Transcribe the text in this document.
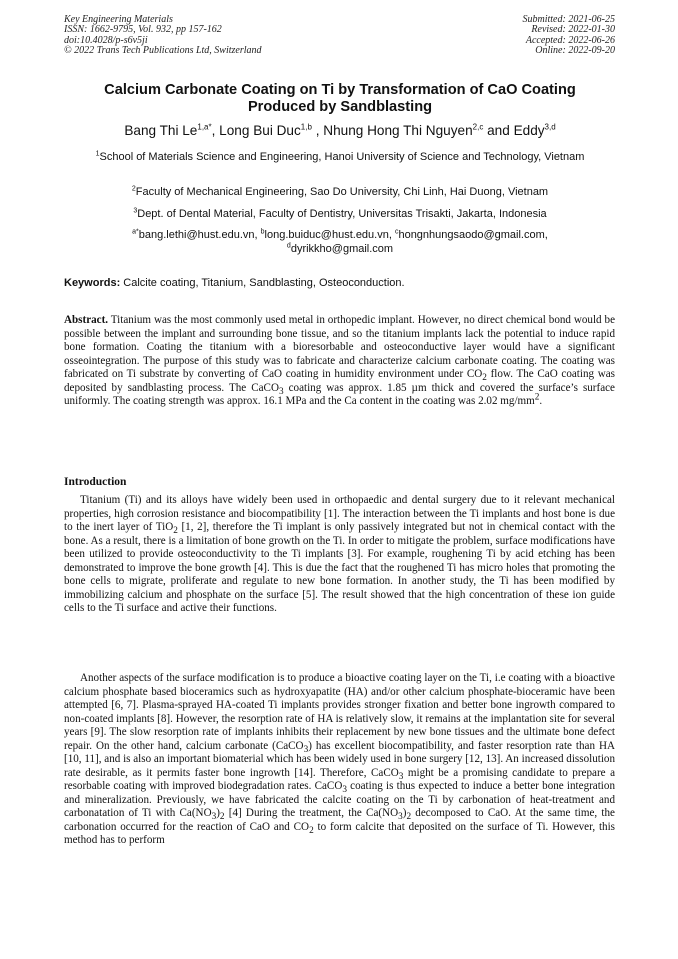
Key Engineering Materials
ISSN: 1662-9795, Vol. 932, pp 157-162
doi:10.4028/p-s6v5ji
© 2022 Trans Tech Publications Ltd, Switzerland
Submitted: 2021-06-25
Revised: 2022-01-30
Accepted: 2022-06-26
Online: 2022-09-20
Calcium Carbonate Coating on Ti by Transformation of CaO Coating
Produced by Sandblasting
Bang Thi $Le^{1,a*}$, Long Bui Duc$^{1,b}$ , Nhung Hong Thi Nguyen$^{2,c}$ and Eddy$^{3,d}$
$^1$School of Materials Science and Engineering, Hanoi University of Science and Technology, Vietnam
$^2$Faculty of Mechanical Engineering, Sao Do University, Chi Linh, Hai Duong, Vietnam
$^3$Dept. of Dental Material, Faculty of Dentistry, Universitas Trisakti, Jakarta, Indonesia
$^{a*}$bang.lethi@hust.edu.vn, $^b$long.buiduc@hust.edu.vn, $^c$hongnhungsaodo@gmail.com,
$^d$dyrikkho@gmail.com
Keywords: Calcite coating, Titanium, Sandblasting, Osteoconduction.
Abstract. Titanium was the most commonly used metal in orthopedic implant. However, no direct chemical bond would be possible between the implant and surrounding bone tissue, and so the titanium implants lack the potential to induce rapid bone formation. Coating the titanium with a bioresorbable and osteoconductive layer would have a significant osseointegration. The purpose of this study was to fabricate and characterize calcium carbonate coating. The coating was fabricated on Ti substrate by converting of CaO coating in humidity environment under $CO_2$ flow. The CaO coating was deposited by sandblasting process. The CaCO$_3$ coating was approx. 1.85 µm thick and covered the surface’s surface uniformly. The coating strength was approx. 16.1 MPa and the Ca content in the coating was 2.02 $mg/mm^2$.
Introduction

Titanium (Ti) and its alloys have widely been used in orthopaedic and dental surgery due to it relevant mechanical properties, high corrosion resistance and biocompatibility [1]. The interaction between the Ti implants and host bone is due to the inert layer of TiO$_2$ [1, 2], therefore the Ti implant is only passively integrated but not in chemical contact with the bone. As a result, there is a limitation of bone growth on the Ti. In order to mitigate the problem, surface modifications have been utilized to provide osteoconductivity to the Ti implants [3]. For example, roughening Ti by acid etching has been demonstrated to improve the bone growth [4]. This is due the fact that the roughened Ti has micro holes that promoting the bone cells to migrate, proliferate and regulate to new bone formation. In another study, the Ti has been modified by immobilizing calcium and phosphate on the surface [5]. The result showed that the high concentration of these ion guide cells to the Ti surface and active their functions.

Another aspects of the surface modification is to produce a bioactive coating layer on the Ti, i.e coating with a bioactive calcium phosphate based bioceramics such as hydroxyapatite (HA) and/or other calcium phosphate-bioceramic have been attempted [6, 7]. Plasma-sprayed HA-coated Ti implants provides stronger fixation and better bone ingrowth compared to non-coated implants [8]. However, the resorption rate of HA is relatively slow, it remains at the implantation site for several years [9]. The slow resorption rate of implants inhibits their replacement by new bone tissues and the ultimate bone defect repair. On the other hand, calcium carbonate (CaCO$_3$) has excellent biocompatibility, and faster resorption rate than HA [10, 11], and is also an important biomaterial which has been widely used in bone surgery [12, 13]. An increased dissolution rate desirable, as it permits faster bone ingrowth [14]. Therefore, CaCO$_3$ might be a promising candidate to prepare a resorbable coating with improved biodegradation rates. CaCO$_3$ coating is thus expected to induce a better bone integration and mineralization. Previously, we have fabricated the calcite coating on the Ti by carbonation of heat-treatment and carbonatation of Ti with $Ca(NO_3)_2$ [4] During the treatment, the $Ca(NO_3)_2$ decomposed to CaO. At the same time, the carbonation occurred for the reaction of CaO and $CO_2$ to form calcite that deposited on the surface of Ti. However, this method has to perform
